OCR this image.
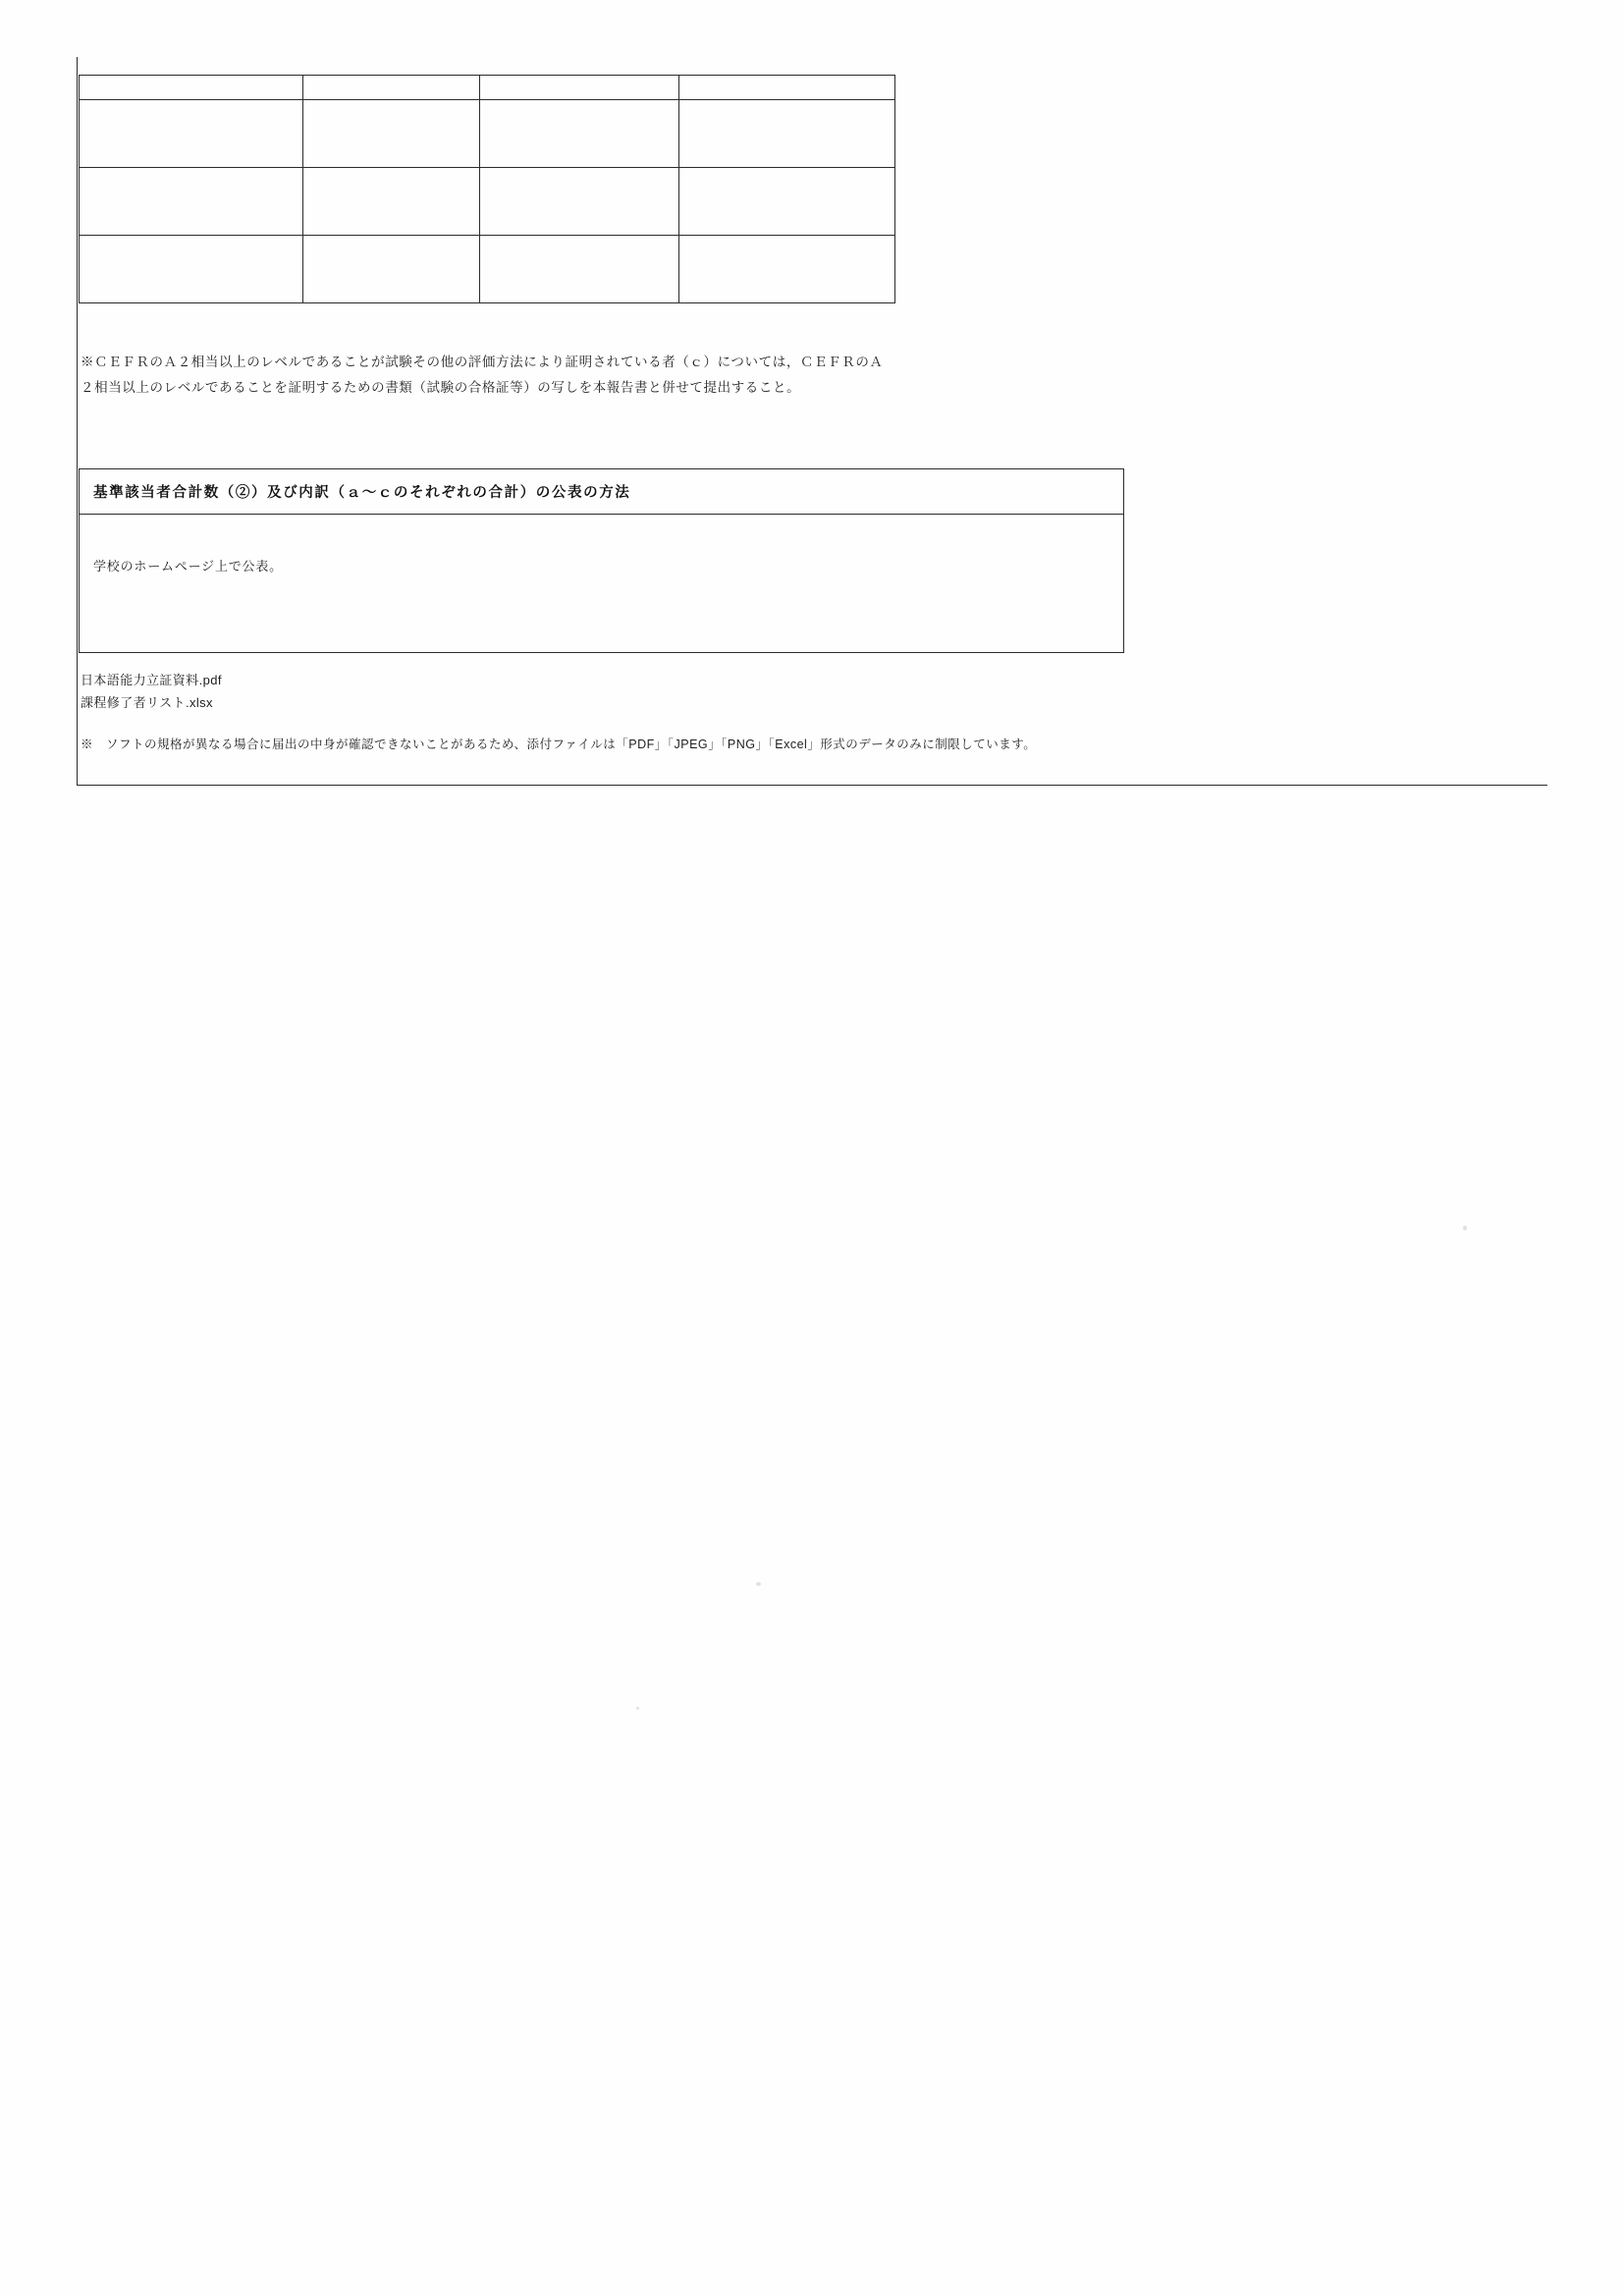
※ＣＥＦＲのＡ２相当以上のレベルであることが試験その他の評価方法により証明されている者（ｃ）については，ＣＥＦＲのＡ２相当以上のレベルであることを証明するための書類（試験の合格証等）の写しを本報告書と併せて提出すること。
基準該当者合計数（②）及び内訳（ａ～ｃのそれぞれの合計）の公表の方法
学校のホームページ上で公表。
日本語能力立証資料.pdf
課程修了者リスト.xlsx
※　ソフトの規格が異なる場合に届出の中身が確認できないことがあるため、添付ファイルは「PDF」「JPEG」「PNG」「Excel」形式のデータのみに制限しています。
